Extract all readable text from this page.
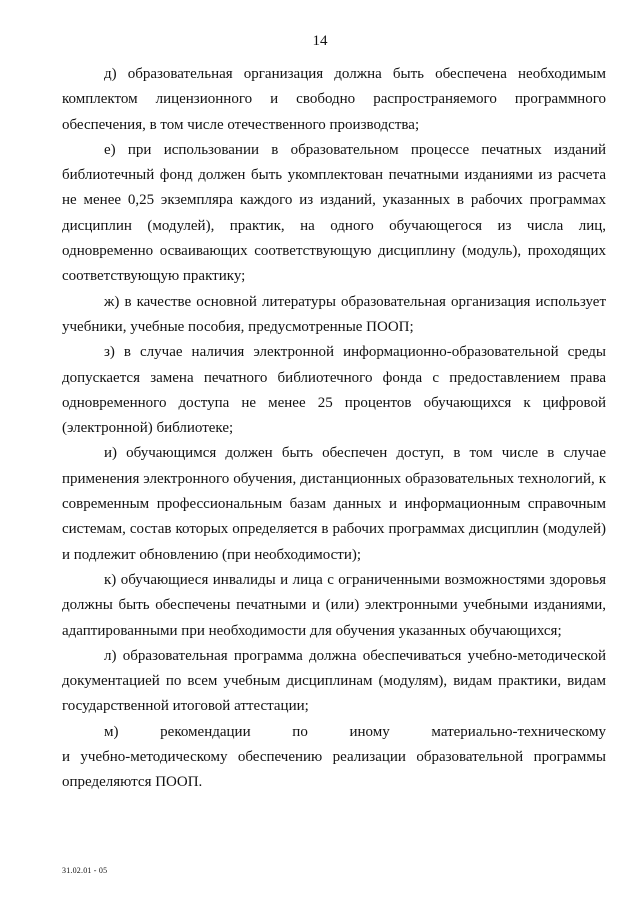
14

д) образовательная организация должна быть обеспечена необходимым комплектом лицензионного и свободно распространяемого программного обеспечения, в том числе отечественного производства;

е) при использовании в образовательном процессе печатных изданий библиотечный фонд должен быть укомплектован печатными изданиями из расчета не менее 0,25 экземпляра каждого из изданий, указанных в рабочих программах дисциплин (модулей), практик, на одного обучающегося из числа лиц, одновременно осваивающих соответствующую дисциплину (модуль), проходящих соответствующую практику;

ж) в качестве основной литературы образовательная организация использует учебники, учебные пособия, предусмотренные ПООП;

з) в случае наличия электронной информационно-образовательной среды допускается замена печатного библиотечного фонда с предоставлением права одновременного доступа не менее 25 процентов обучающихся к цифровой (электронной) библиотеке;

и) обучающимся должен быть обеспечен доступ, в том числе в случае применения электронного обучения, дистанционных образовательных технологий, к современным профессиональным базам данных и информационным справочным системам, состав которых определяется в рабочих программах дисциплин (модулей) и подлежит обновлению (при необходимости);

к) обучающиеся инвалиды и лица с ограниченными возможностями здоровья должны быть обеспечены печатными и (или) электронными учебными изданиями, адаптированными при необходимости для обучения указанных обучающихся;

л) образовательная программа должна обеспечиваться учебно-методической документацией по всем учебным дисциплинам (модулям), видам практики, видам государственной итоговой аттестации;

м) рекомендации по иному материально-техническому

и учебно-методическому обеспечению реализации образовательной программы определяются ПООП.

31.02.01 - 05
